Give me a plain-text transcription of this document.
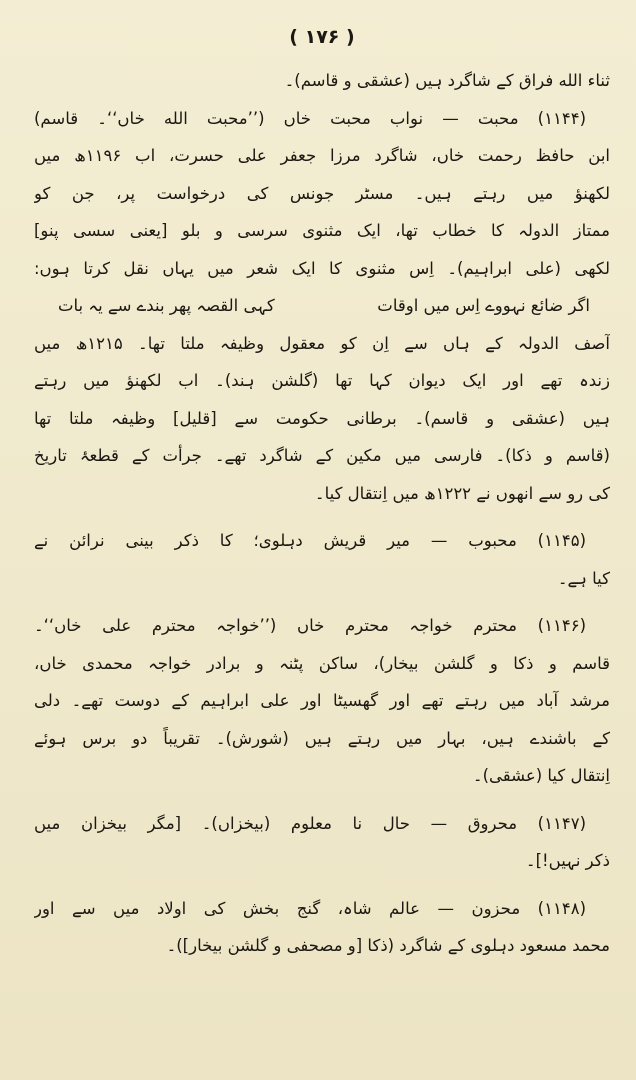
( ۱۷۶ )
ثناء الله فراق کے شاگرد ہیں (عشقی و قاسم)۔
(۱۱۴۴) محبت — نواب محبت خاں (’’محبت الله خاں‘‘۔ قاسم)
ابن حافظ رحمت خاں، شاگرد مرزا جعفر علی حسرت، اب ۱۱۹۶ھ میں
لکھنؤ میں رہتے ہیں۔ مسٹر جونس کی درخواست پر، جن کو
ممتاز الدولہ کا خطاب تھا، ایک مثنوی سرسی و بلو [یعنی سسی پنو]
لکھی (علی ابراہیم)۔ اِس مثنوی کا ایک شعر میں یہاں نقل کرتا ہوں:
اگر ضائع نہووے اِس میں اوقات
کہی القصہ پھر بندے سے یہ بات
آصف الدولہ کے ہاں سے اِن کو معقول وظیفہ ملتا تھا۔ ۱۲۱۵ھ میں
زندہ تھے اور ایک دیوان کہا تھا (گلشن ہند)۔ اب لکھنؤ میں رہتے
ہیں (عشقی و قاسم)۔ برطانی حکومت سے [قلیل] وظیفہ ملتا تھا
(قاسم و ذکا)۔ فارسی میں مکین کے شاگرد تھے۔ جرأت کے قطعۂ تاریخ
کی رو سے انھوں نے ۱۲۲۲ھ میں اِنتقال کیا۔
(۱۱۴۵) محبوب — میر قریش دہلوی؛ کا ذکر بینی نرائن نے
کیا ہے۔
(۱۱۴۶) محترم خواجہ محترم خاں (’’خواجہ محترم علی خاں‘‘۔
قاسم و ذکا و گلشن بیخار)، ساکن پٹنہ و برادر خواجہ محمدی خاں،
مرشد آباد میں رہتے تھے اور گھسیٹا اور علی ابراہیم کے دوست تھے۔ دلی
کے باشندے ہیں، بہار میں رہتے ہیں (شورش)۔ تقریباً دو برس ہوئے
اِنتقال کیا (عشقی)۔
(۱۱۴۷) محروق — حال نا معلوم (بیخزاں)۔ [مگر بیخزان میں
ذکر نہیں!]۔
(۱۱۴۸) محزون — عالم شاہ، گنج بخش کی اولاد میں سے اور
محمد مسعود دہلوی کے شاگرد (ذکا [و مصحفی و گلشن بیخار])۔
